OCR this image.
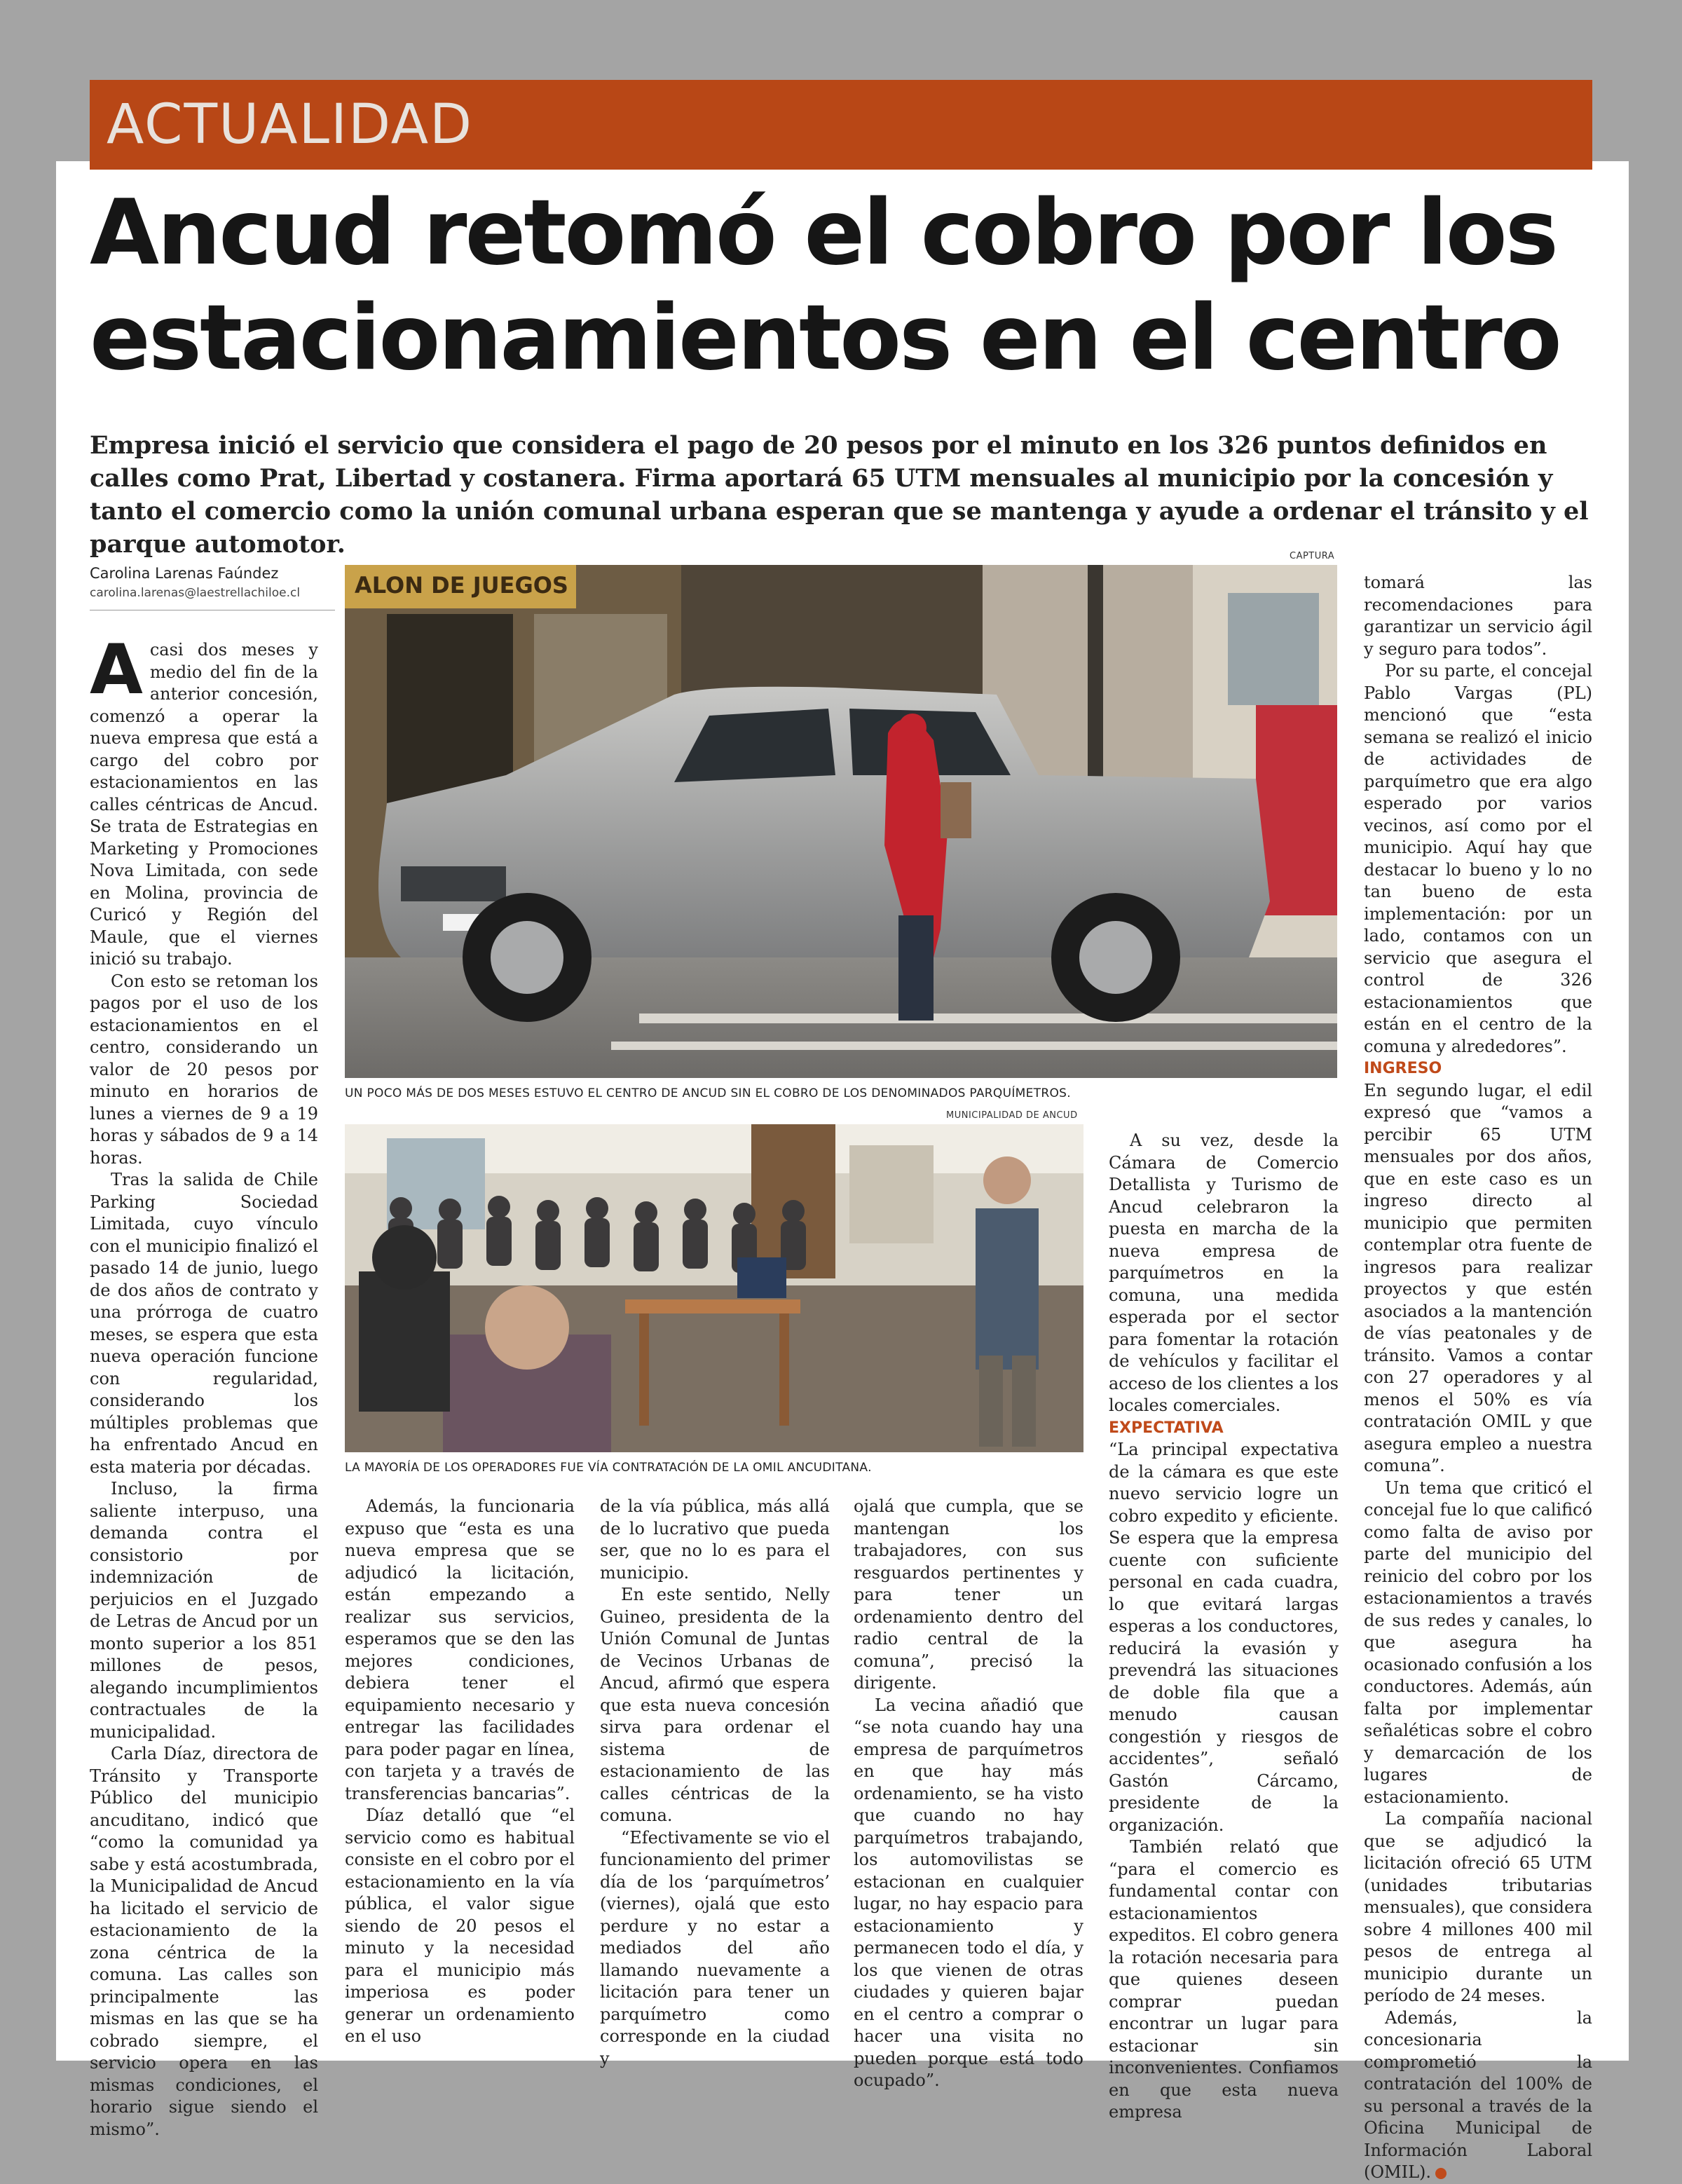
ACTUALIDAD
Ancud retomó el cobro por los estacionamientos en el centro

Empresa inició el servicio que considera el pago de 20 pesos por el minuto en los 326 puntos definidos en calles como Prat, Libertad y costanera. Firma aportará 65 UTM mensuales al municipio por la concesión y tanto el comercio como la unión comunal urbana esperan que se mantenga y ayude a ordenar el tránsito y el parque automotor.

Carolina Larenas Faúndez
carolina.larenas@laestrellachiloe.cl
CAPTURA
ALON DE JUEGOS
UN POCO MÁS DE DOS MESES ESTUVO EL CENTRO DE ANCUD SIN EL COBRO DE LOS DENOMINADOS PARQUÍMETROS.
MUNICIPALIDAD DE ANCUD
LA MAYORÍA DE LOS OPERADORES FUE VÍA CONTRATACIÓN DE LA OMIL ANCUDITANA.

Acasi dos meses y medio del fin de la anterior concesión, comenzó a operar la nueva empresa que está a cargo del cobro por estacionamientos en las calles céntricas de Ancud. Se trata de Estrategias en Marketing y Promociones Nova Limitada, con sede en Molina, provincia de Curicó y Región del Maule, que el viernes inició su trabajo.

Con esto se retoman los pagos por el uso de los estacionamientos en el centro, considerando un valor de 20 pesos por minuto en horarios de lunes a viernes de 9 a 19 horas y sábados de 9 a 14 horas.

Tras la salida de Chile Parking Sociedad Limitada, cuyo vínculo con el municipio finalizó el pasado 14 de junio, luego de dos años de contrato y una prórroga de cuatro meses, se espera que esta nueva operación funcione con regularidad, considerando los múltiples problemas que ha enfrentado Ancud en esta materia por décadas.

Incluso, la firma saliente interpuso, una demanda contra el consistorio por indemnización de perjuicios en el Juzgado de Letras de Ancud por un monto superior a los 851 millones de pesos, alegando incumplimientos contractuales de la municipalidad.

Carla Díaz, directora de Tránsito y Transporte Público del municipio ancuditano, indicó que “como la comunidad ya sabe y está acostumbrada, la Municipalidad de Ancud ha licitado el servicio de estacionamiento de la zona céntrica de la comuna. Las calles son principalmente las mismas en las que se ha cobrado siempre, el servicio opera en las mismas condiciones, el horario sigue siendo el mismo”.

Además, la funcionaria expuso que “esta es una nueva empresa que se adjudicó la licitación, están empezando a realizar sus servicios, esperamos que se den las mejores condiciones, debiera tener el equipamiento necesario y entregar las facilidades para poder pagar en línea, con tarjeta y a través de transferencias bancarias”.

Díaz detalló que “el servicio como es habitual consiste en el cobro por el estacionamiento en la vía pública, el valor sigue siendo de 20 pesos el minuto y la necesidad para el municipio más imperiosa es poder generar un ordenamiento en el uso

de la vía pública, más allá de lo lucrativo que pueda ser, que no lo es para el municipio.

En este sentido, Nelly Guineo, presidenta de la Unión Comunal de Juntas de Vecinos Urbanas de Ancud, afirmó que espera que esta nueva concesión sirva para ordenar el sistema de estacionamiento de las calles céntricas de la comuna.

“Efectivamente se vio el funcionamiento del primer día de los ‘parquímetros’ (viernes), ojalá que esto perdure y no estar a mediados del año llamando nuevamente a licitación para tener un parquímetro como corresponde en la ciudad y

ojalá que cumpla, que se mantengan los trabajadores, con sus resguardos pertinentes y para tener un ordenamiento dentro del radio central de la comuna”, precisó la dirigente.

La vecina añadió que “se nota cuando hay una empresa de parquímetros en que hay más ordenamiento, se ha visto que cuando no hay parquímetros trabajando, los automovilistas se estacionan en cualquier lugar, no hay espacio para estacionamiento y permanecen todo el día, y los que vienen de otras ciudades y quieren bajar en el centro a comprar o hacer una visita no pueden porque está todo ocupado”.

A su vez, desde la Cámara de Comercio Detallista y Turismo de Ancud celebraron la puesta en marcha de la nueva empresa de parquímetros en la comuna, una medida esperada por el sector para fomentar la rotación de vehículos y facilitar el acceso de los clientes a los locales comerciales.

EXPECTATIVA

“La principal expectativa de la cámara es que este nuevo servicio logre un cobro expedito y eficiente. Se espera que la empresa cuente con suficiente personal en cada cuadra, lo que evitará largas esperas a los conductores, reducirá la evasión y prevendrá las situaciones de doble fila que a menudo causan congestión y riesgos de accidentes”, señaló Gastón Cárcamo, presidente de la organización.

También relató que “para el comercio es fundamental contar con estacionamientos expeditos. El cobro genera la rotación necesaria para que quienes deseen comprar puedan encontrar un lugar para estacionar sin inconvenientes. Confiamos en que esta nueva empresa

tomará las recomendaciones para garantizar un servicio ágil y seguro para todos”.

Por su parte, el concejal Pablo Vargas (PL) mencionó que “esta semana se realizó el inicio de actividades de parquímetro que era algo esperado por varios vecinos, así como por el municipio. Aquí hay que destacar lo bueno y lo no tan bueno de esta implementación: por un lado, contamos con un servicio que asegura el control de 326 estacionamientos que están en el centro de la comuna y alrededores”.

INGRESO

En segundo lugar, el edil expresó que “vamos a percibir 65 UTM mensuales por dos años, que en este caso es un ingreso directo al municipio que permiten contemplar otra fuente de ingresos para realizar proyectos y que estén asociados a la mantención de vías peatonales y de tránsito. Vamos a contar con 27 operadores y al menos el 50% es vía contratación OMIL y que asegura empleo a nuestra comuna”.

Un tema que criticó el concejal fue lo que calificó como falta de aviso por parte del municipio del reinicio del cobro por los estacionamientos a través de sus redes y canales, lo que asegura ha ocasionado confusión a los conductores. Además, aún falta por implementar señaléticas sobre el cobro y demarcación de los lugares de estacionamiento.

La compañía nacional que se adjudicó la licitación ofreció 65 UTM (unidades tributarias mensuales), que considera sobre 4 millones 400 mil pesos de entrega al municipio durante un período de 24 meses.

Además, la concesionaria comprometió la contratación del 100% de su personal a través de la Oficina Municipal de Información Laboral (OMIL).
